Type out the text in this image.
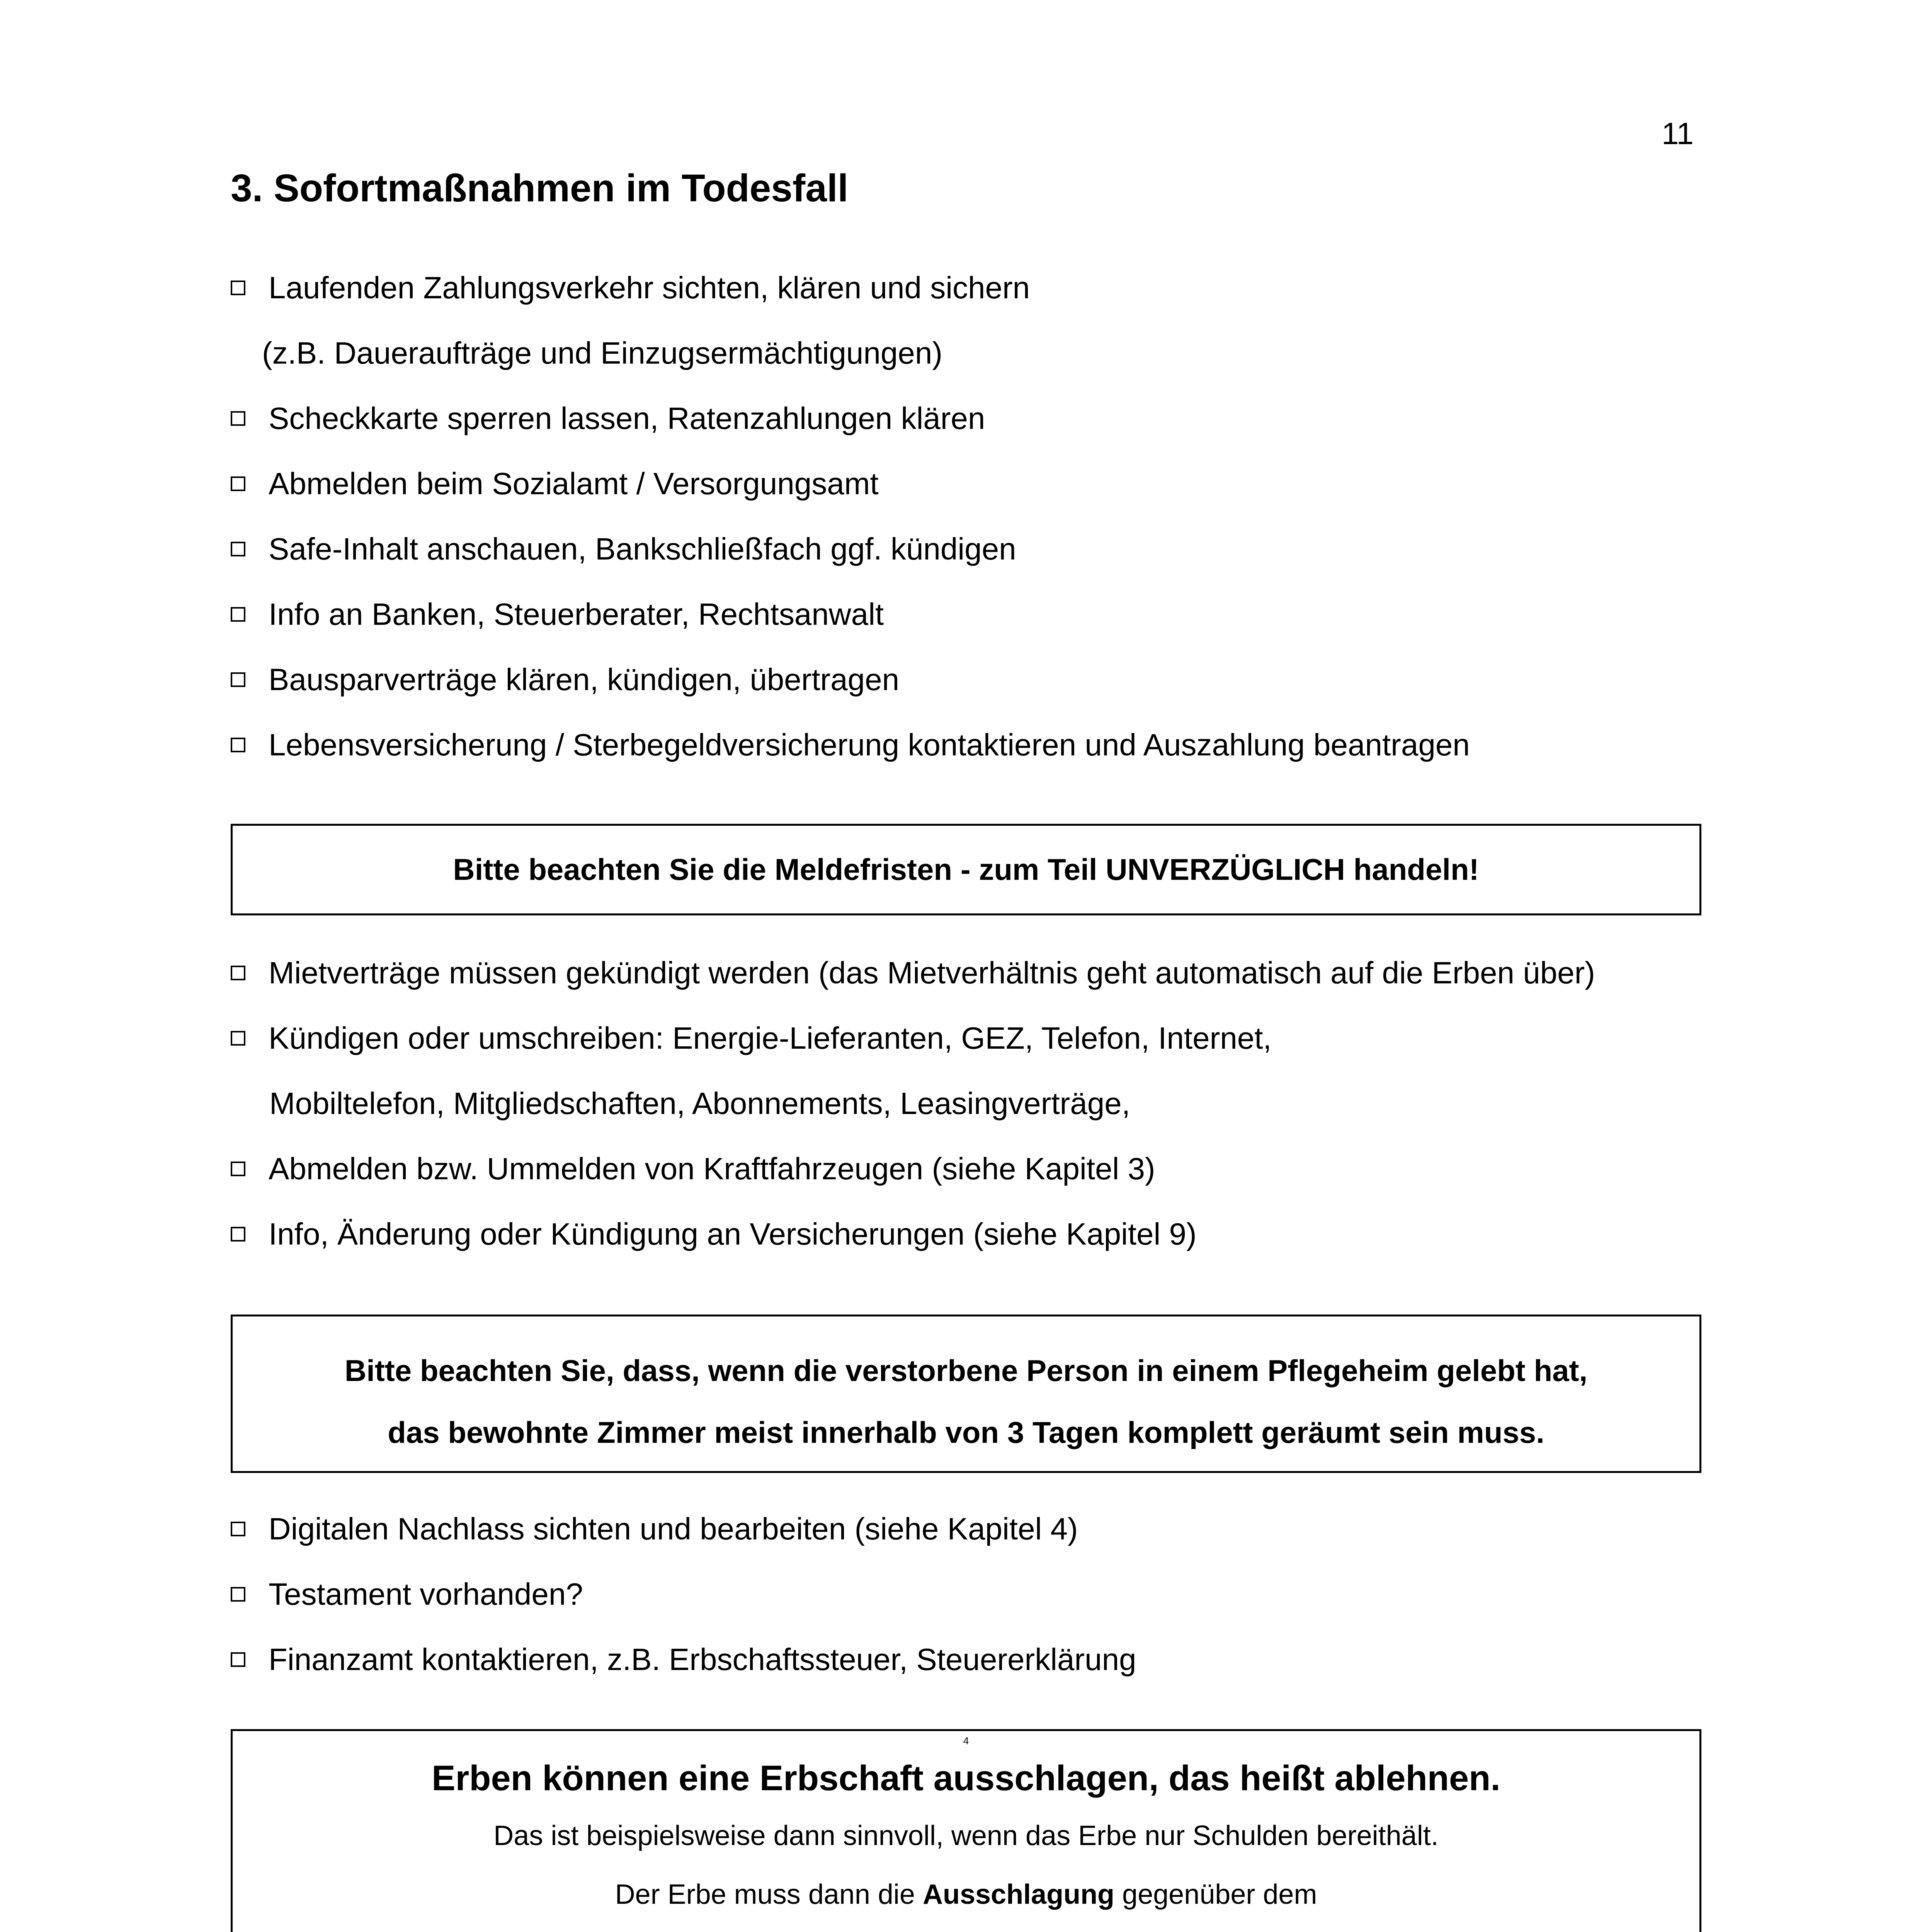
11
3. Sofortmaßnahmen im Todesfall
Laufenden Zahlungsverkehr sichten, klären und sichern
(z.B. Daueraufträge und Einzugsermächtigungen)
Scheckkarte sperren lassen, Ratenzahlungen klären
Abmelden beim Sozialamt / Versorgungsamt
Safe-Inhalt anschauen, Bankschließfach ggf. kündigen
Info an Banken, Steuerberater, Rechtsanwalt
Bausparverträge klären, kündigen, übertragen
Lebensversicherung / Sterbegeldversicherung kontaktieren und Auszahlung beantragen

Bitte beachten Sie die Meldefristen - zum Teil UNVERZÜGLICH handeln!

Mietverträge müssen gekündigt werden (das Mietverhältnis geht automatisch auf die Erben über)
Kündigen oder umschreiben: Energie-Lieferanten, GEZ, Telefon, Internet,
Mobiltelefon, Mitgliedschaften, Abonnements, Leasingverträge,
Abmelden bzw. Ummelden von Kraftfahrzeugen (siehe Kapitel 3)
Info, Änderung oder Kündigung an Versicherungen (siehe Kapitel 9)

Bitte beachten Sie, dass, wenn die verstorbene Person in einem Pflegeheim gelebt hat,

das bewohnte Zimmer meist innerhalb von 3 Tagen komplett geräumt sein muss.

Digitalen Nachlass sichten und bearbeiten (siehe Kapitel 4)
Testament vorhanden?
Finanzamt kontaktieren, z.B. Erbschaftssteuer, Steuererklärung
4
Erben können eine Erbschaft ausschlagen, das heißt ablehnen.
Das ist beispielsweise dann sinnvoll, wenn das Erbe nur Schulden bereithält.
Der Erbe muss dann die Ausschlagung gegenüber dem
